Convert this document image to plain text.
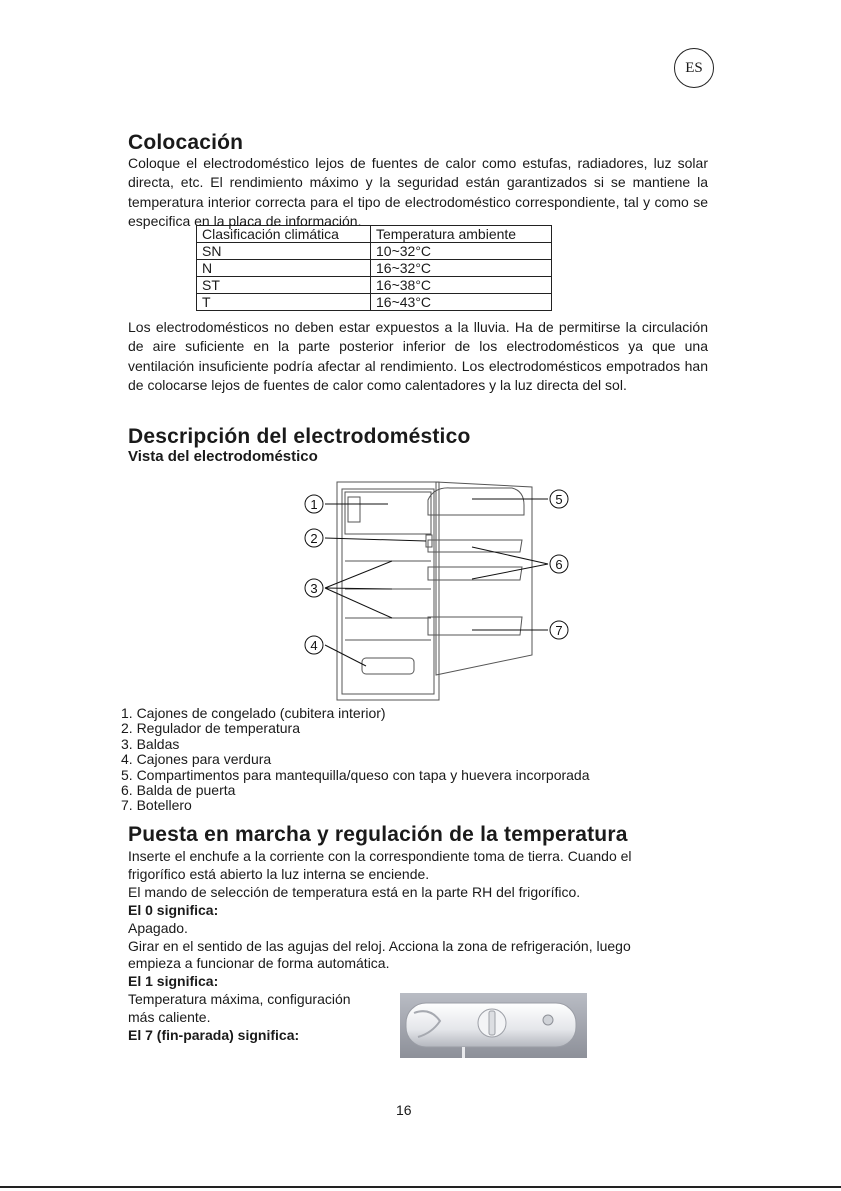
ES
Colocación

Coloque el electrodoméstico lejos de fuentes de calor como estufas, radiadores, luz solar directa, etc. El rendimiento máximo y la seguridad están garantizados si se mantiene la temperatura interior correcta para el tipo de electrodoméstico correspondiente, tal y como se especifica en la placa de información.

Clasificación climática	Temperatura ambiente
SN	10~32°C
N	16~32°C
ST	16~38°C
T	16~43°C

Los electrodomésticos no deben estar expuestos a la lluvia. Ha de permitirse la circulación de aire suficiente en la parte posterior inferior de los electrodomésticos ya que una ventilación insuficiente podría afectar al rendimiento. Los electrodomésticos empotrados han de colocarse lejos de fuentes de calor como calentadores y la luz directa del sol.

Descripción del electrodoméstico

Vista del electrodoméstico

1
2
3
4
5
6
7
1. Cajones de congelado (cubitera interior)
2. Regulador de temperatura
3. Baldas
4. Cajones para verdura
5. Compartimentos para mantequilla/queso con tapa y huevera incorporada
6. Balda de puerta
7. Botellero
Puesta en marcha y regulación de la temperatura

Inserte el enchufe a la corriente con la correspondiente toma de tierra. Cuando el

frigorífico está abierto la luz interna se enciende.

El mando de selección de temperatura está en la parte RH del frigorífico.

El 0 significa:

Apagado.

Girar en el sentido de las agujas del reloj. Acciona la zona de refrigeración, luego

empieza a funcionar de forma automática.

El 1 significa:

Temperatura máxima, configuración

más caliente.

El 7 (fin-parada) significa:

16
